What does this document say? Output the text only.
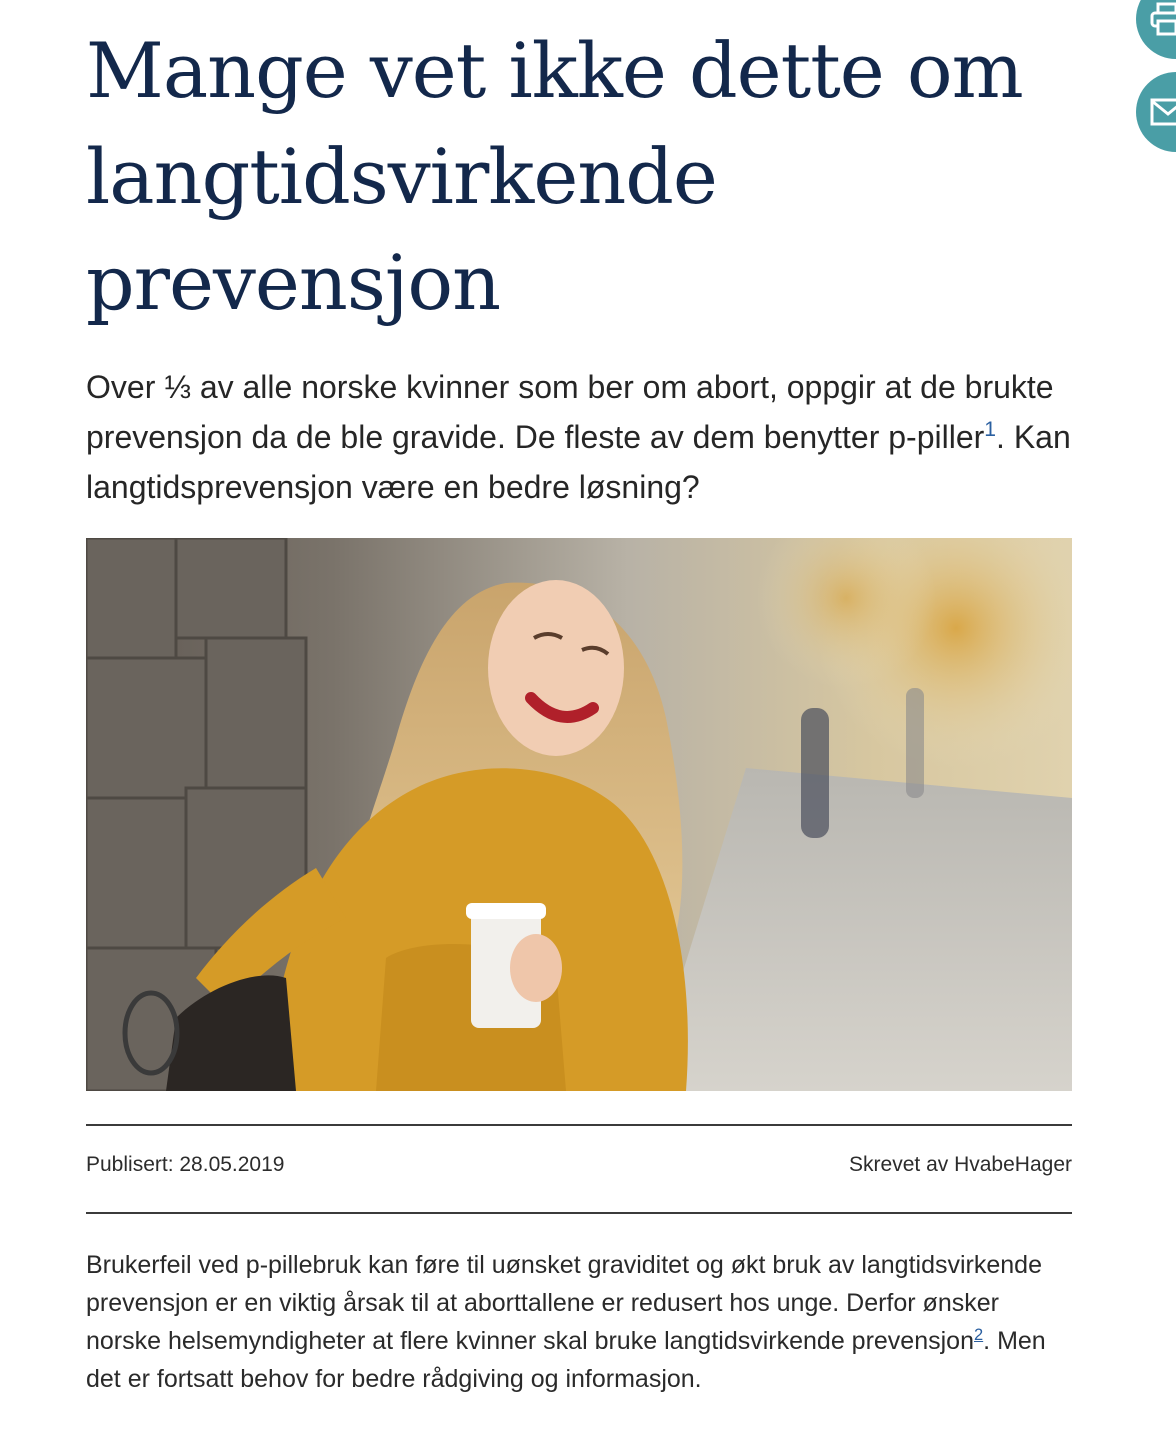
Mange vet ikke dette om langtidsvirkende prevensjon

Over ⅓ av alle norske kvinner som ber om abort, oppgir at de brukte prevensjon da de ble gravide. De fleste av dem benytter p-piller$^1$. Kan langtidsprevensjon være en bedre løsning?

Publisert: 28.05.2019	Skrevet av HvabeHager

Brukerfeil ved p-pillebruk kan føre til uønsket graviditet og økt bruk av langtidsvirkende prevensjon er en viktig årsak til at aborttallene er redusert hos unge. Derfor ønsker norske helsemyndigheter at flere kvinner skal bruke langtidsvirkende prevensjon$^2$. Men det er fortsatt behov for bedre rådgiving og informasjon.
